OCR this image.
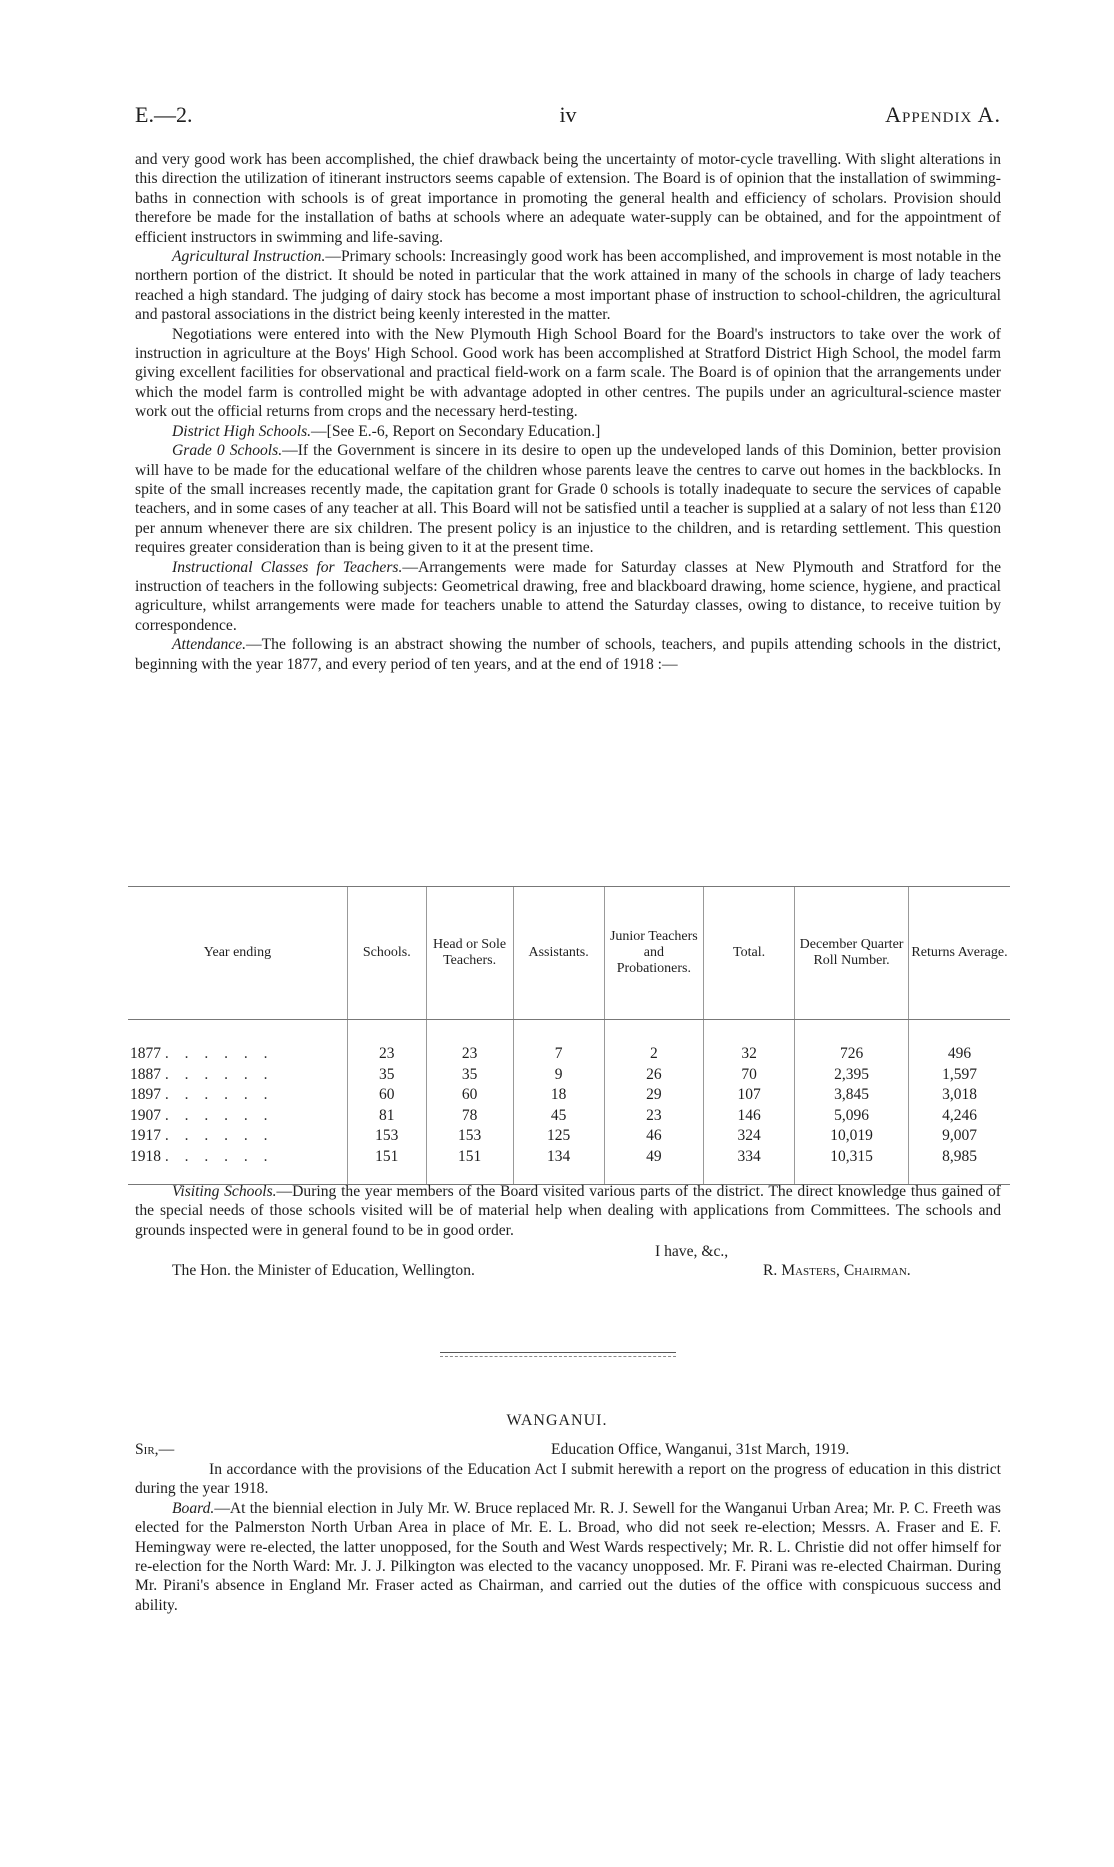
E.—2.	iv	Appendix A.

and very good work has been accomplished, the chief drawback being the uncertainty of motor-cycle travelling. With slight alterations in this direction the utilization of itinerant instructors seems capable of extension. The Board is of opinion that the installation of swimming-baths in connection with schools is of great importance in promoting the general health and efficiency of scholars. Provision should therefore be made for the installation of baths at schools where an adequate water-supply can be obtained, and for the appointment of efficient instructors in swimming and life-saving.

Agricultural Instruction.—Primary schools: Increasingly good work has been accomplished, and improvement is most notable in the northern portion of the district. It should be noted in particular that the work attained in many of the schools in charge of lady teachers reached a high standard. The judging of dairy stock has become a most important phase of instruction to school-children, the agricultural and pastoral associations in the district being keenly interested in the matter.

Negotiations were entered into with the New Plymouth High School Board for the Board's instructors to take over the work of instruction in agriculture at the Boys' High School. Good work has been accomplished at Stratford District High School, the model farm giving excellent facilities for observational and practical field-work on a farm scale. The Board is of opinion that the arrangements under which the model farm is controlled might be with advantage adopted in other centres. The pupils under an agricultural-science master work out the official returns from crops and the necessary herd-testing.

District High Schools.—[See E.-6, Report on Secondary Education.]

Grade 0 Schools.—If the Government is sincere in its desire to open up the undeveloped lands of this Dominion, better provision will have to be made for the educational welfare of the children whose parents leave the centres to carve out homes in the backblocks. In spite of the small increases recently made, the capitation grant for Grade 0 schools is totally inadequate to secure the services of capable teachers, and in some cases of any teacher at all. This Board will not be satisfied until a teacher is supplied at a salary of not less than £120 per annum whenever there are six children. The present policy is an injustice to the children, and is retarding settlement. This question requires greater consideration than is being given to it at the present time.

Instructional Classes for Teachers.—Arrangements were made for Saturday classes at New Plymouth and Stratford for the instruction of teachers in the following subjects: Geometrical drawing, free and blackboard drawing, home science, hygiene, and practical agriculture, whilst arrangements were made for teachers unable to attend the Saturday classes, owing to distance, to receive tuition by correspondence.

Attendance.—The following is an abstract showing the number of schools, teachers, and pupils attending schools in the district, beginning with the year 1877, and every period of ten years, and at the end of 1918 :—

Year ending	Schools.	Head or Sole Teachers.	Assistants.	Junior Teachers and Probationers.	Total.	December Quarter Roll Number.	Returns Average.
1877 . . . . . .	23	23	7	2	32	726	496
1887 . . . . . .	35	35	9	26	70	2,395	1,597
1897 . . . . . .	60	60	18	29	107	3,845	3,018
1907 . . . . . .	81	78	45	23	146	5,096	4,246
1917 . . . . . .	153	153	125	46	324	10,019	9,007
1918 . . . . . .	151	151	134	49	334	10,315	8,985

Visiting Schools.—During the year members of the Board visited various parts of the district. The direct knowledge thus gained of the special needs of those schools visited will be of material help when dealing with applications from Committees. The schools and grounds inspected were in general found to be in good order.

I have, &c.,
The Hon. the Minister of Education, Wellington.	R. Masters, Chairman.
WANGANUI.
Sir,—	Education Office, Wanganui, 31st March, 1919.

In accordance with the provisions of the Education Act I submit herewith a report on the progress of education in this district during the year 1918.

Board.—At the biennial election in July Mr. W. Bruce replaced Mr. R. J. Sewell for the Wanganui Urban Area; Mr. P. C. Freeth was elected for the Palmerston North Urban Area in place of Mr. E. L. Broad, who did not seek re-election; Messrs. A. Fraser and E. F. Hemingway were re-elected, the latter unopposed, for the South and West Wards respectively; Mr. R. L. Christie did not offer himself for re-election for the North Ward: Mr. J. J. Pilkington was elected to the vacancy unopposed. Mr. F. Pirani was re-elected Chairman. During Mr. Pirani's absence in England Mr. Fraser acted as Chairman, and carried out the duties of the office with conspicuous success and ability.
